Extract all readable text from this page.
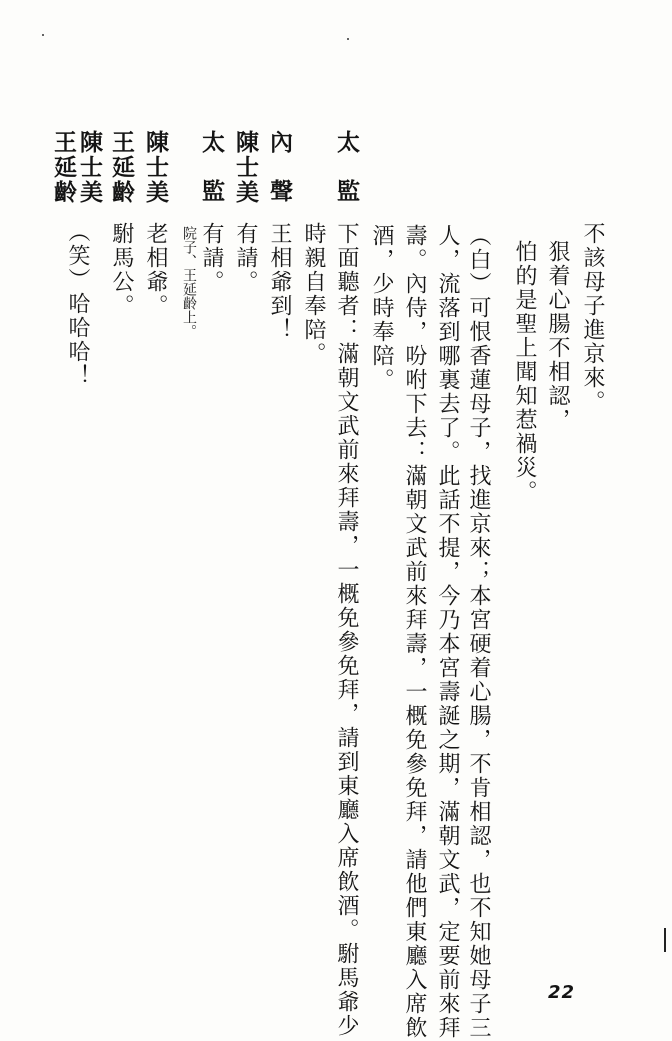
不該母子進京來。
狠着心腸不相認，
怕的是聖上聞知惹禍災。
（白）可恨香蓮母子，找進京來；本宮硬着心腸，不肯相認，也不知她母子三
人，流落到哪裏去了。此話不提，今乃本宮壽誕之期，滿朝文武，定要前來拜
壽。內侍，吩咐下去：滿朝文武前來拜壽，一概免參免拜，請他們東廳入席飲
酒，少時奉陪。
太監
下面聽者：滿朝文武前來拜壽，一概免參免拜，請到東廳入席飲酒。駙馬爺少
時親自奉陪。
內聲
王相爺到！
陳士美
有請。
太監
有請。
院子、王延齡上。
陳士美
老相爺。
王延齡
駙馬公。
陳士美
王延齡
（笑）哈哈哈！
22
